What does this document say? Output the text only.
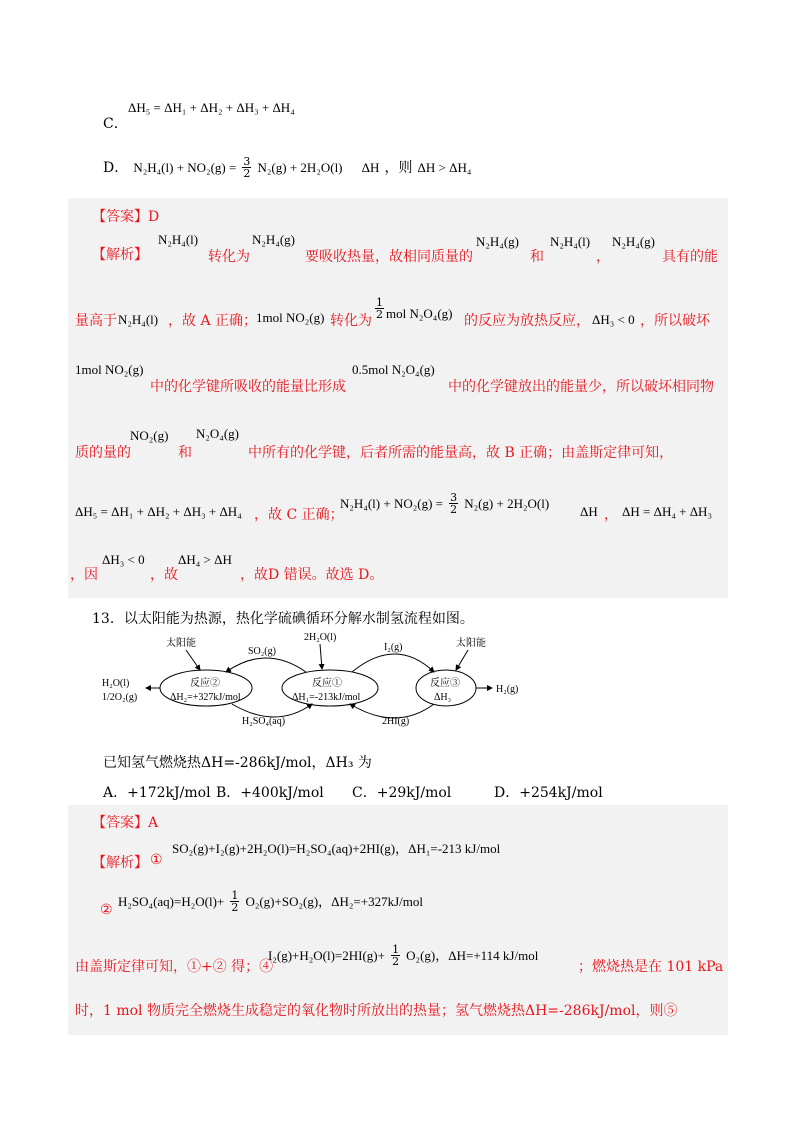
ΔH₅ = ΔH₁ + ΔH₂ + ΔH₃ + ΔH₄
C．
D． $N_2H_4(l) + NO_2(g) = \frac{3}{2} N_2(g) + 2H_2O(l)$ ΔH ，则 ΔH > ΔH₄
【答案】D
【解析】
N₂H₄(l)
转化为
N₂H₄(g)
要吸收热量，故相同质量的
N₂H₄(g)
和
N₂H₄(l)
，
N₂H₄(g)
具有的能
量高于 N₂H₄(l) ，故 A 正确；
1mol NO₂(g) 转化为
$\frac{1}{2}$ mol N₂O₄(g) 的反应为放热反应， ΔH₃ < 0 ，所以破坏
1mol NO₂(g)
中的化学键所吸收的能量比形成
0.5mol N₂O₄(g)
中的化学键放出的能量少，所以破坏相同物
质的量的
NO₂(g)
和
N₂O₄(g)
中所有的化学键，后者所需的能量高，故 B 正确；由盖斯定律可知，
ΔH₅ = ΔH₁ + ΔH₂ + ΔH₃ + ΔH₄ ，故 C 正确；
$N_2H_4(l) + NO_2(g) = \frac{3}{2} N_2(g) + 2H_2O(l)$
ΔH ， ΔH = ΔH₄ + ΔH₃
，因
ΔH₃ < 0
，故
ΔH₄ > ΔH
，故D 错误。故选 D。
13．以太阳能为热源，热化学硫碘循环分解水制氢流程如图。
太阳能
SO₂(g)
2H₂O(l)
I₂(g)	太阳能
反应②
ΔH₂=+327kJ/mol
反应①
ΔH₁=-213kJ/mol
反应③
ΔH₃
H₂O(l)
1/2O₂(g)
H₂SO₄(aq)	2HI(g)
H₂(g)
已知氢气燃烧热ΔH=-286kJ/mol，ΔH₃ 为
A．+172kJ/mol B．+400kJ/mol C．+29kJ/mol	D．+254kJ/mol
【答案】A
【解析】 ①
SO₂(g)+I₂(g)+2H₂O(l)=H₂SO₄(aq)+2HI(g)，ΔH₁=-213 kJ/mol
②
$H_2SO_4(aq)=H_2O(l)+ \frac{1}{2} O_2(g)+SO_2(g)$，ΔH₂=+327kJ/mol
由盖斯定律可知，①+② 得；④
$I_2(g)+H_2O(l)=2HI(g)+ \frac{1}{2} O_2(g)$，ΔH=+114 kJ/mol
；燃烧热是在 101 kPa
时，1 mol 物质完全燃烧生成稳定的氧化物时所放出的热量；氢气燃烧热ΔH=-286kJ/mol，则⑤
